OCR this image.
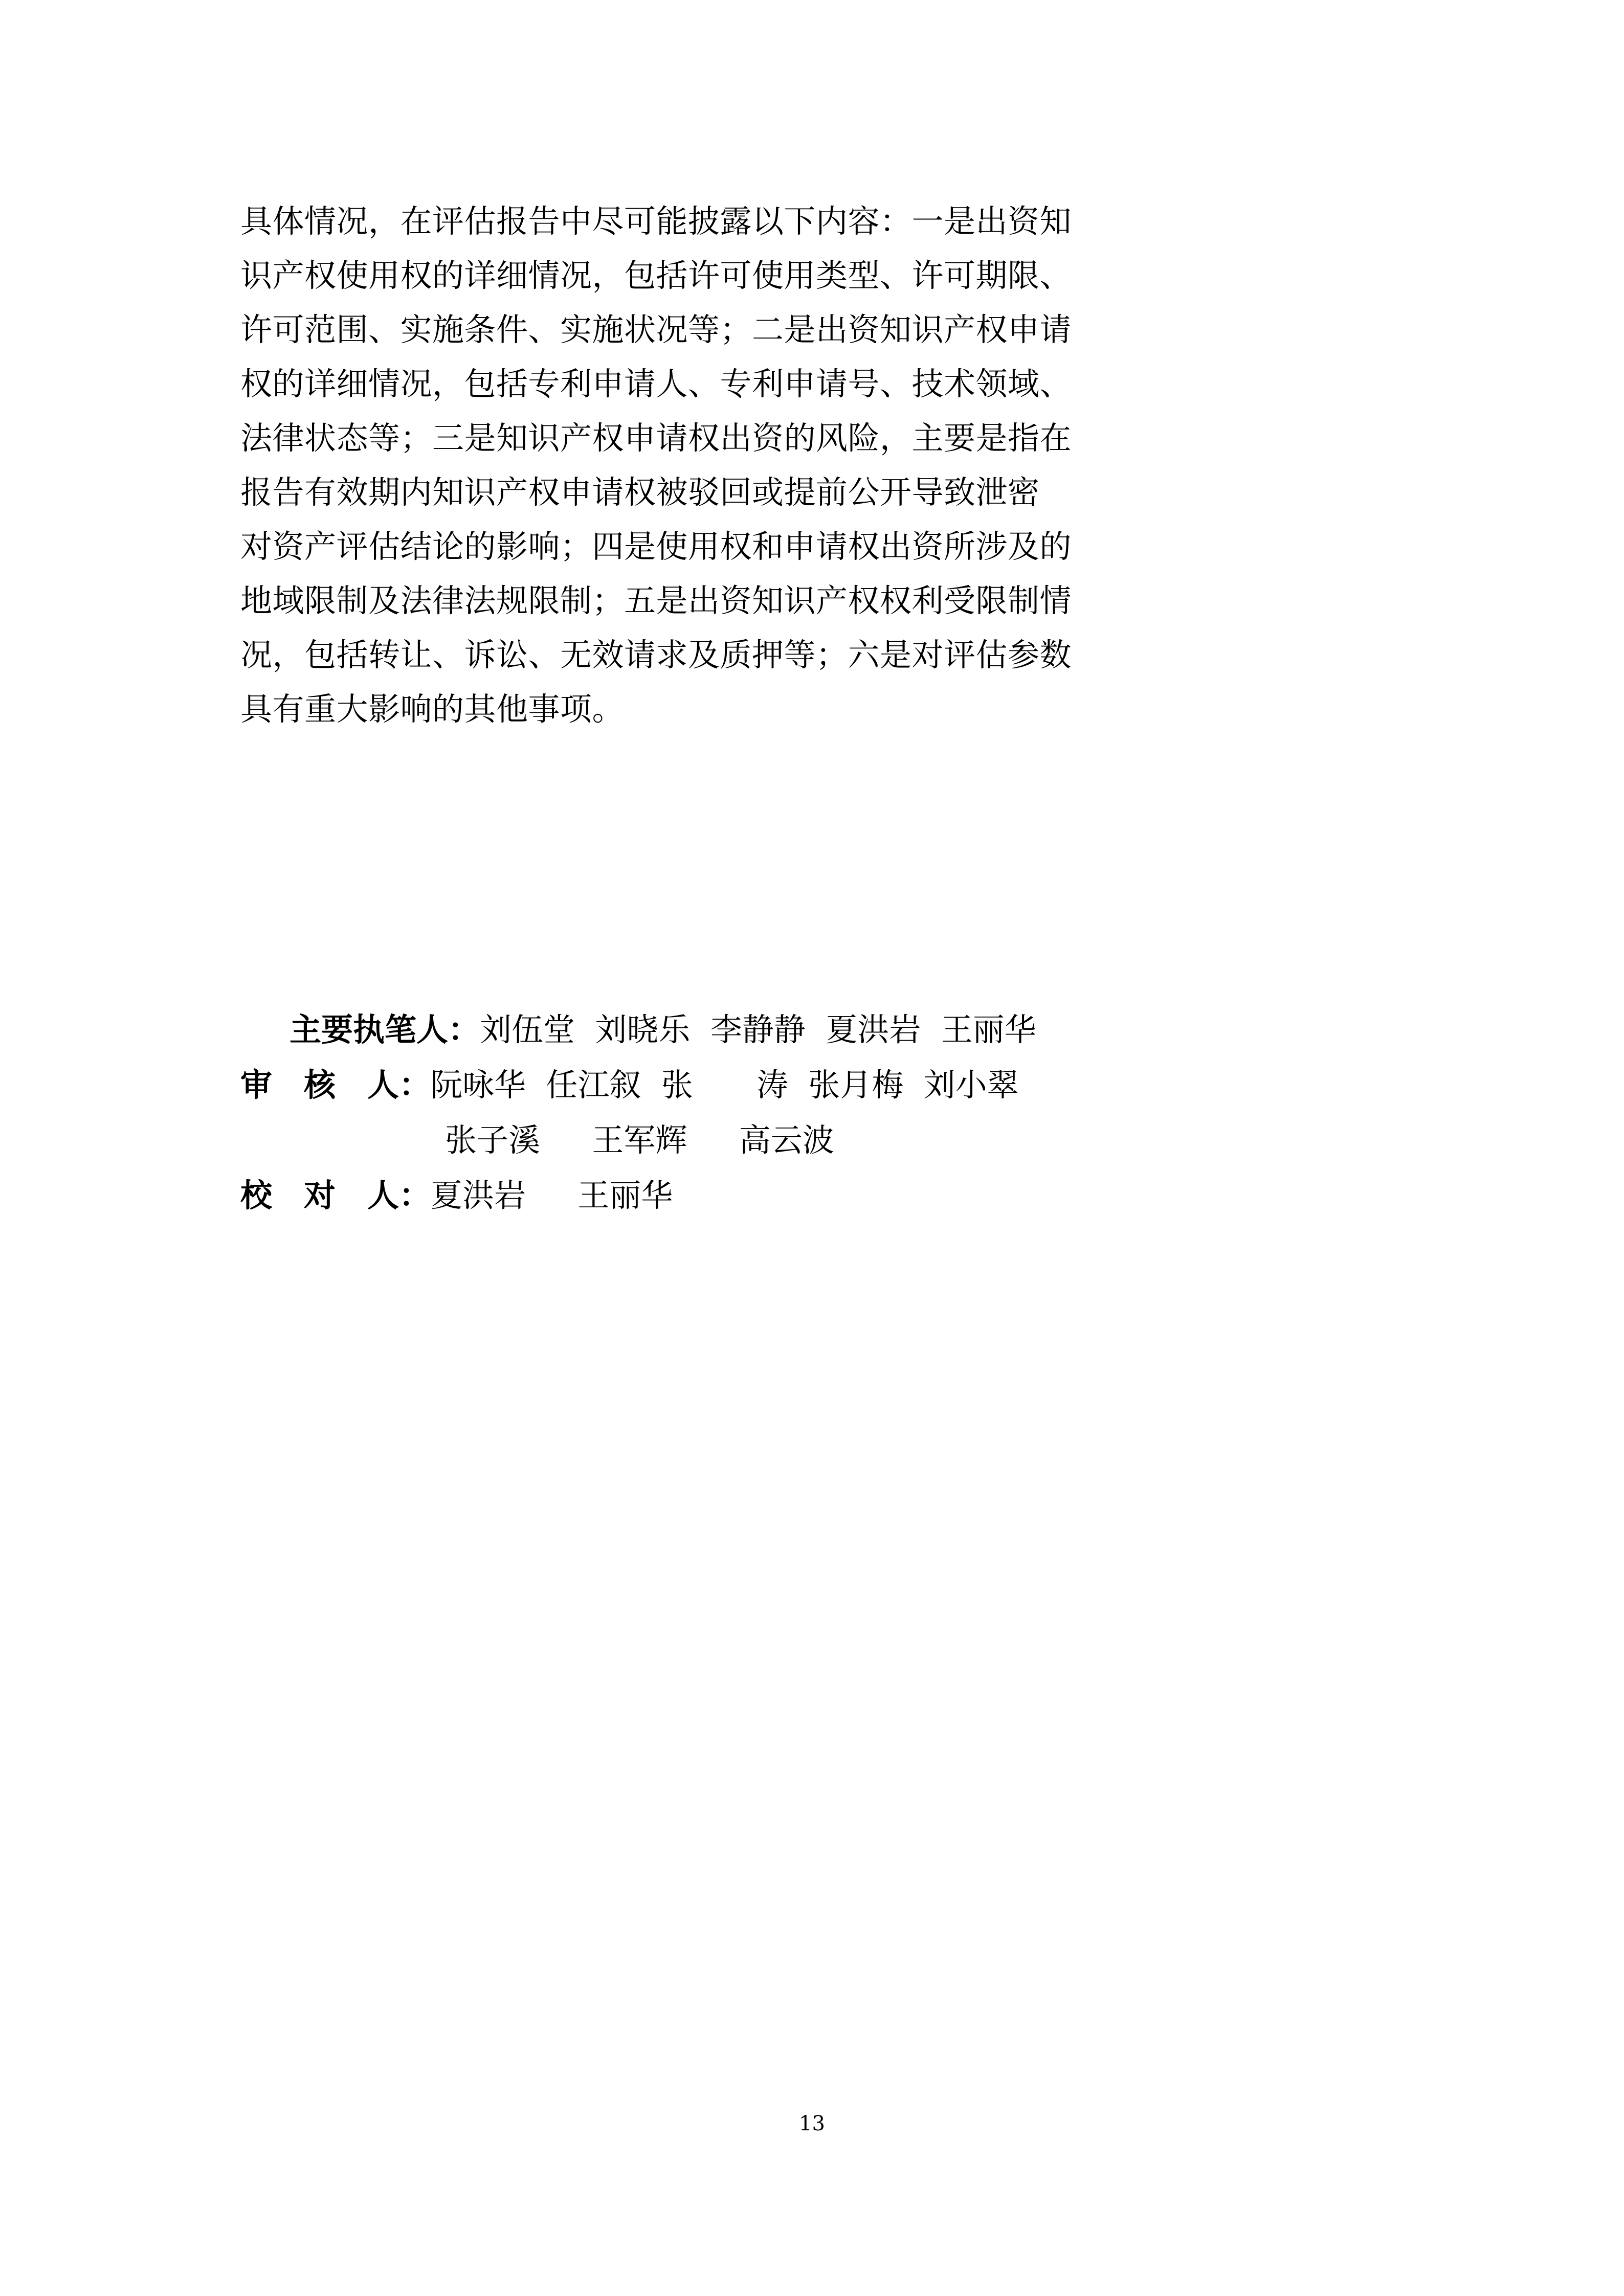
具体情况，在评估报告中尽可能披露以下内容：一是出资知
识产权使用权的详细情况，包括许可使用类型、许可期限、
许可范围、实施条件、实施状况等；二是出资知识产权申请
权的详细情况，包括专利申请人、专利申请号、技术领域、
法律状态等；三是知识产权申请权出资的风险，主要是指在
报告有效期内知识产权申请权被驳回或提前公开导致泄密
对资产评估结论的影响；四是使用权和申请权出资所涉及的
地域限制及法律法规限制；五是出资知识产权权利受限制情
况，包括转让、诉讼、无效请求及质押等；六是对评估参数
具有重大影响的其他事项。
主要执笔人：刘伍堂  刘晓乐  李静静  夏洪岩  王丽华
审　核　人：阮咏华  任江叙  张　　涛  张月梅  刘小翠
张子溪　  王军辉　  高云波
校　对　人：夏洪岩　  王丽华
13
